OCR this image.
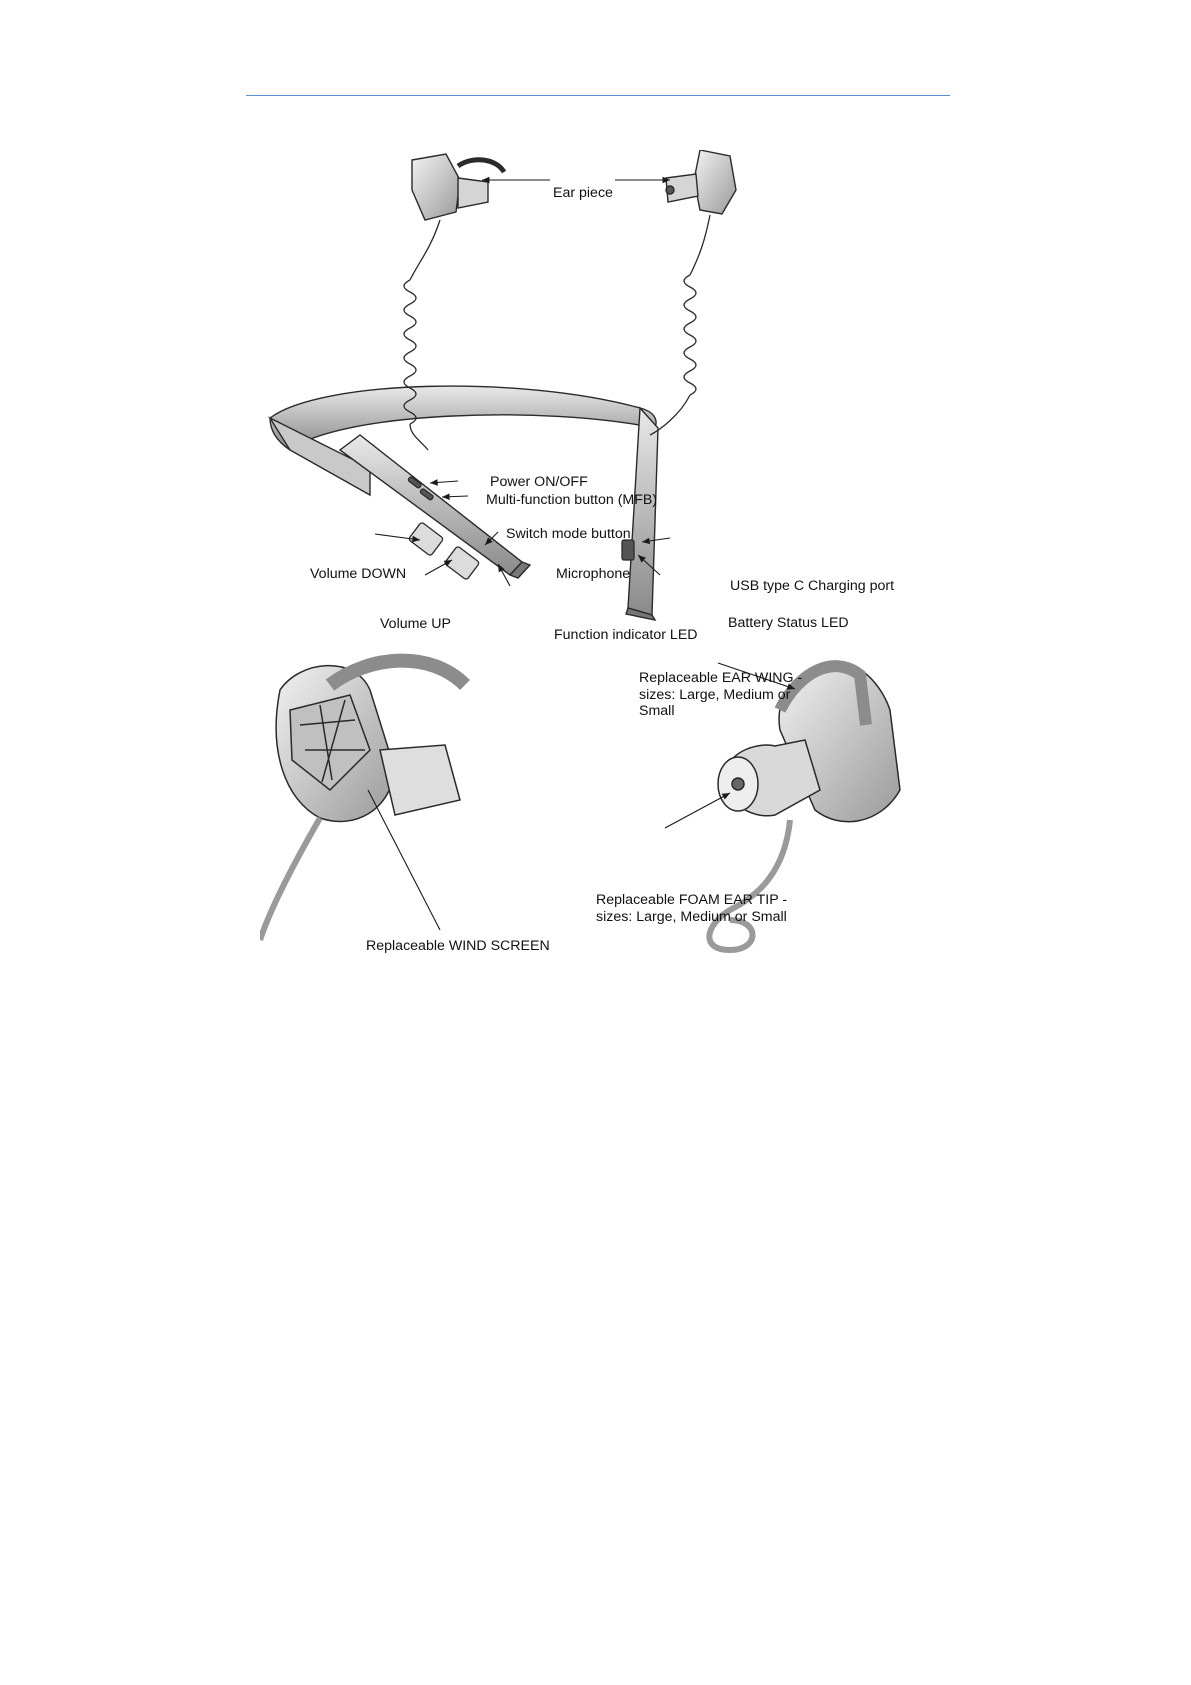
Ear piece
Power ON/OFF
Multi-function button (MFB)
Switch mode button
Volume DOWN	Microphone
USB type C Charging port
Volume UP	Battery Status LED
Function indicator LED
Replaceable EAR WING - sizes: Large, Medium or Small
Replaceable WIND SCREEN
Replaceable FOAM EAR TIP - sizes: Large, Medium or Small
